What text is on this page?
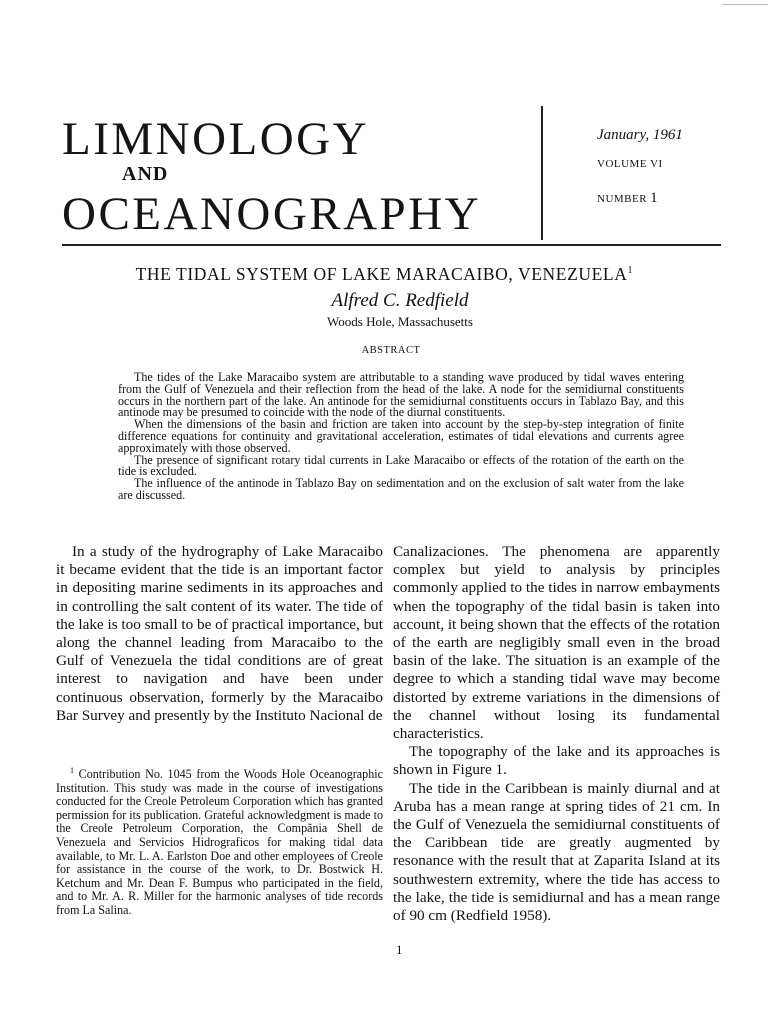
LIMNOLOGY
AND
OCEANOGRAPHY
January, 1961
VOLUME VI
NUMBER 1
THE TIDAL SYSTEM OF LAKE MARACAIBO, VENEZUELA$^1$
Alfred C. Redfield
Woods Hole, Massachusetts
ABSTRACT

The tides of the Lake Maracaibo system are attributable to a standing wave produced by tidal waves entering from the Gulf of Venezuela and their reflection from the head of the lake. A node for the semidiurnal constituents occurs in the northern part of the lake. An antinode for the semidiurnal constituents occurs in Tablazo Bay, and this antinode may be presumed to coincide with the node of the diurnal constituents.

When the dimensions of the basin and friction are taken into account by the step-by-step integration of finite difference equations for continuity and gravitational acceleration, estimates of tidal elevations and currents agree approximately with those observed.

The presence of significant rotary tidal currents in Lake Maracaibo or effects of the rotation of the earth on the tide is excluded.

The influence of the antinode in Tablazo Bay on sedimentation and on the exclusion of salt water from the lake are discussed.

In a study of the hydrography of Lake Maracaibo it became evident that the tide is an important factor in depositing marine sediments in its approaches and in controlling the salt content of its water. The tide of the lake is too small to be of practical importance, but along the channel leading from Maracaibo to the Gulf of Venezuela the tidal conditions are of great interest to navigation and have been under continuous observation, formerly by the Maracaibo Bar Survey and presently by the Instituto Nacional de

$^1$ Contribution No. 1045 from the Woods Hole Oceanographic Institution. This study was made in the course of investigations conducted for the Creole Petroleum Corporation which has granted permission for its publication. Grateful acknowledgment is made to the Creole Petroleum Corporation, the Compãnia Shell de Venezuela and Servicios Hidrograficos for making tidal data available, to Mr. L. A. Earlston Doe and other employees of Creole for assistance in the course of the work, to Dr. Bostwick H. Ketchum and Mr. Dean F. Bumpus who participated in the field, and to Mr. A. R. Miller for the harmonic analyses of tide records from La Salina.

Canalizaciones. The phenomena are apparently complex but yield to analysis by principles commonly applied to the tides in narrow embayments when the topography of the tidal basin is taken into account, it being shown that the effects of the rotation of the earth are negligibly small even in the broad basin of the lake. The situation is an example of the degree to which a standing tidal wave may become distorted by extreme variations in the dimensions of the channel without losing its fundamental characteristics.

The topography of the lake and its approaches is shown in Figure 1.

The tide in the Caribbean is mainly diurnal and at Aruba has a mean range at spring tides of 21 cm. In the Gulf of Venezuela the semidiurnal constituents of the Caribbean tide are greatly augmented by resonance with the result that at Zaparita Island at its southwestern extremity, where the tide has access to the lake, the tide is semidiurnal and has a mean range of 90 cm (Redfield 1958).

1
